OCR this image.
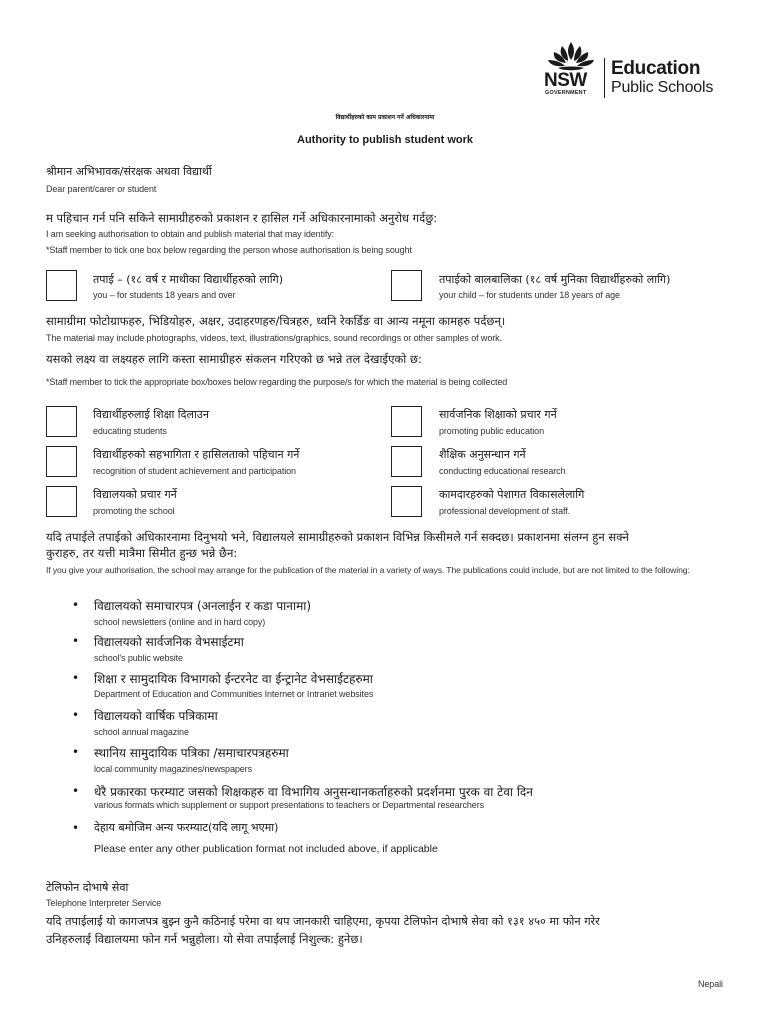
NSW
GOVERNMENT
Education
Public Schools
विद्यार्थीहरुको काम प्रकाशन गर्ने अधिकारनामा
Authority to publish student work
श्रीमान अभिभावक/संरक्षक अथवा विद्यार्थी
Dear parent/carer or student
म पहिचान गर्न पनि सकिने सामाग्रीहरुको प्रकाशन र हासिल गर्ने अधिकारनामाको अनुरोध गर्दछु:
I am seeking authorisation to obtain and publish material that may identify:
*Staff member to tick one box below regarding the person whose authorisation is being sought
तपाई – (१८ वर्ष र माथीका विद्यार्थीहरुको लागि)
you – for students 18 years and over
तपाईको बालबालिका (१८ वर्ष मुनिका विद्यार्थीहरुको लागि)
your child – for students under 18 years of age
सामाग्रीमा फोटोग्राफहरु, भिडियोहरु, अक्षर, उदाहरणहरु/चित्रहरु, ध्वनि रेकर्डिङ वा आन्य नमूना कामहरु पर्दछन्।
The material may include photographs, videos, text, illustrations/graphics, sound recordings or other samples of work.
यसको लक्ष्य वा लक्ष्यहरु लागि कस्ता सामाग्रीहरु संकलन गरिएको छ भन्ने तल देखाईएको छ:
*Staff member to tick the appropriate box/boxes below regarding the purpose/s for which the material is being collected
विद्यार्थीहरुलाई शिक्षा दिलाउन
educating students
सार्वजनिक शिक्षाको प्रचार गर्ने
promoting public education
विद्यार्थीहरुको सहभागिता र हासिलताको पहिचान गर्ने
recognition of student achievement and participation
शैक्षिक अनुसन्धान गर्ने
conducting educational research
विद्यालयको प्रचार गर्ने
promoting the school
कामदारहरुको पेशागत विकासलेलागि
professional development of staff.
यदि तपाईले तपाईको अधिकारनामा दिनुभयो भने, विद्यालयले सामाग्रीहरुको प्रकाशन विभिन्न किसीमले गर्न सक्दछ। प्रकाशनमा संलग्न हुन सक्ने
कुराहरु, तर यत्ती मात्रैमा सिमीत हुन्छ भन्ने छैन:
If you give your authorisation, the school may arrange for the publication of the material in a variety of ways. The publications could include, but are not limited to the following:
• विद्यालयको समाचारपत्र (अनलाईन र कडा पानामा)
school newsletters (online and in hard copy)
• विद्यालयको सार्वजनिक वेभसाईटमा
school's public website
• शिक्षा र सामुदायिक विभागको ईन्टरनेट वा ईन्ट्रानेट वेभसाईटहरुमा
Department of Education and Communities Internet or Intranet websites
• विद्यालयको वार्षिक पत्रिकामा
school annual magazine
• स्थानिय सामुदायिक पत्रिका /समाचारपत्रहरुमा
local community magazines/newspapers
• धेरै प्रकारका फरम्याट जसको शिक्षकहरु वा विभागिय अनुसन्धानकर्ताहरुको प्रदर्शनमा पुरक वा टेवा दिन
various formats which supplement or support presentations to teachers or Departmental researchers
• देहाय बमोजिम अन्य फरम्याट(यदि लागू भएमा)
Please enter any other publication format not included above, if applicable
टेलिफोन दोभाषे सेवा
Telephone Interpreter Service
यदि तपाईलाई यो कागजपत्र बुझ्न कुनै कठिनाई परेमा वा थप जानकारी चाहिएमा, कृपया टेलिफोन दोभाषे सेवा को १३१ ४५० मा फोन गरेर
उनिहरुलाई विद्यालयमा फोन गर्न भन्नुहोला। यो सेवा तपाईलाई निशुल्क: हुनेछ।
Nepali
